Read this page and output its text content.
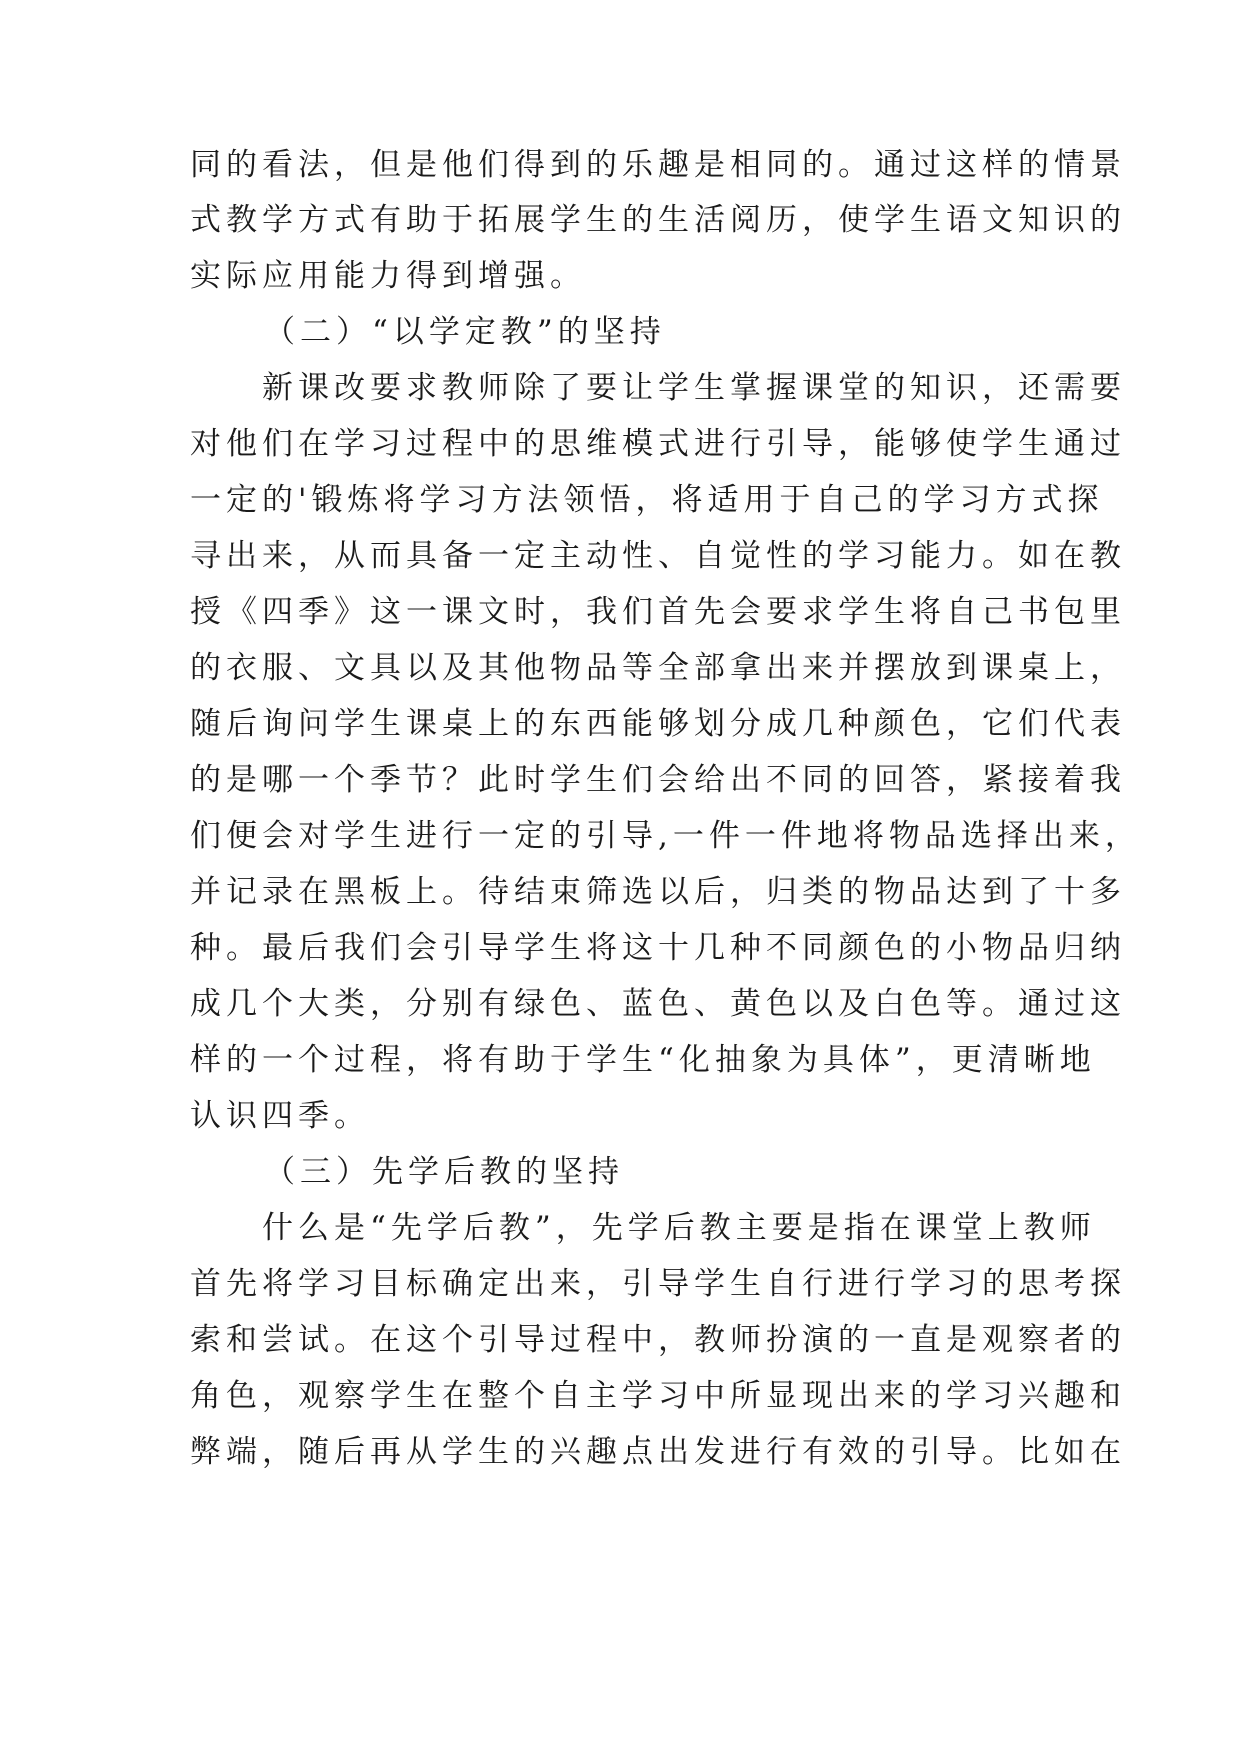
同的看法，但是他们得到的乐趣是相同的。通过这样的情景
式教学方式有助于拓展学生的生活阅历，使学生语文知识的
实际应用能力得到增强。
（二）“以学定教”的坚持
　　新课改要求教师除了要让学生掌握课堂的知识，还需要
对他们在学习过程中的思维模式进行引导，能够使学生通过
一定的'锻炼将学习方法领悟，将适用于自己的学习方式探
寻出来，从而具备一定主动性、自觉性的学习能力。如在教
授《四季》这一课文时，我们首先会要求学生将自己书包里
的衣服、文具以及其他物品等全部拿出来并摆放到课桌上，
随后询问学生课桌上的东西能够划分成几种颜色，它们代表
的是哪一个季节？此时学生们会给出不同的回答，紧接着我
们便会对学生进行一定的引导,一件一件地将物品选择出来，
并记录在黑板上。待结束筛选以后，归类的物品达到了十多
种。最后我们会引导学生将这十几种不同颜色的小物品归纳
成几个大类，分别有绿色、蓝色、黄色以及白色等。通过这
样的一个过程，将有助于学生“化抽象为具体”，更清晰地
认识四季。
（三）先学后教的坚持
　　什么是“先学后教”，先学后教主要是指在课堂上教师
首先将学习目标确定出来，引导学生自行进行学习的思考探
索和尝试。在这个引导过程中，教师扮演的一直是观察者的
角色，观察学生在整个自主学习中所显现出来的学习兴趣和
弊端，随后再从学生的兴趣点出发进行有效的引导。比如在
